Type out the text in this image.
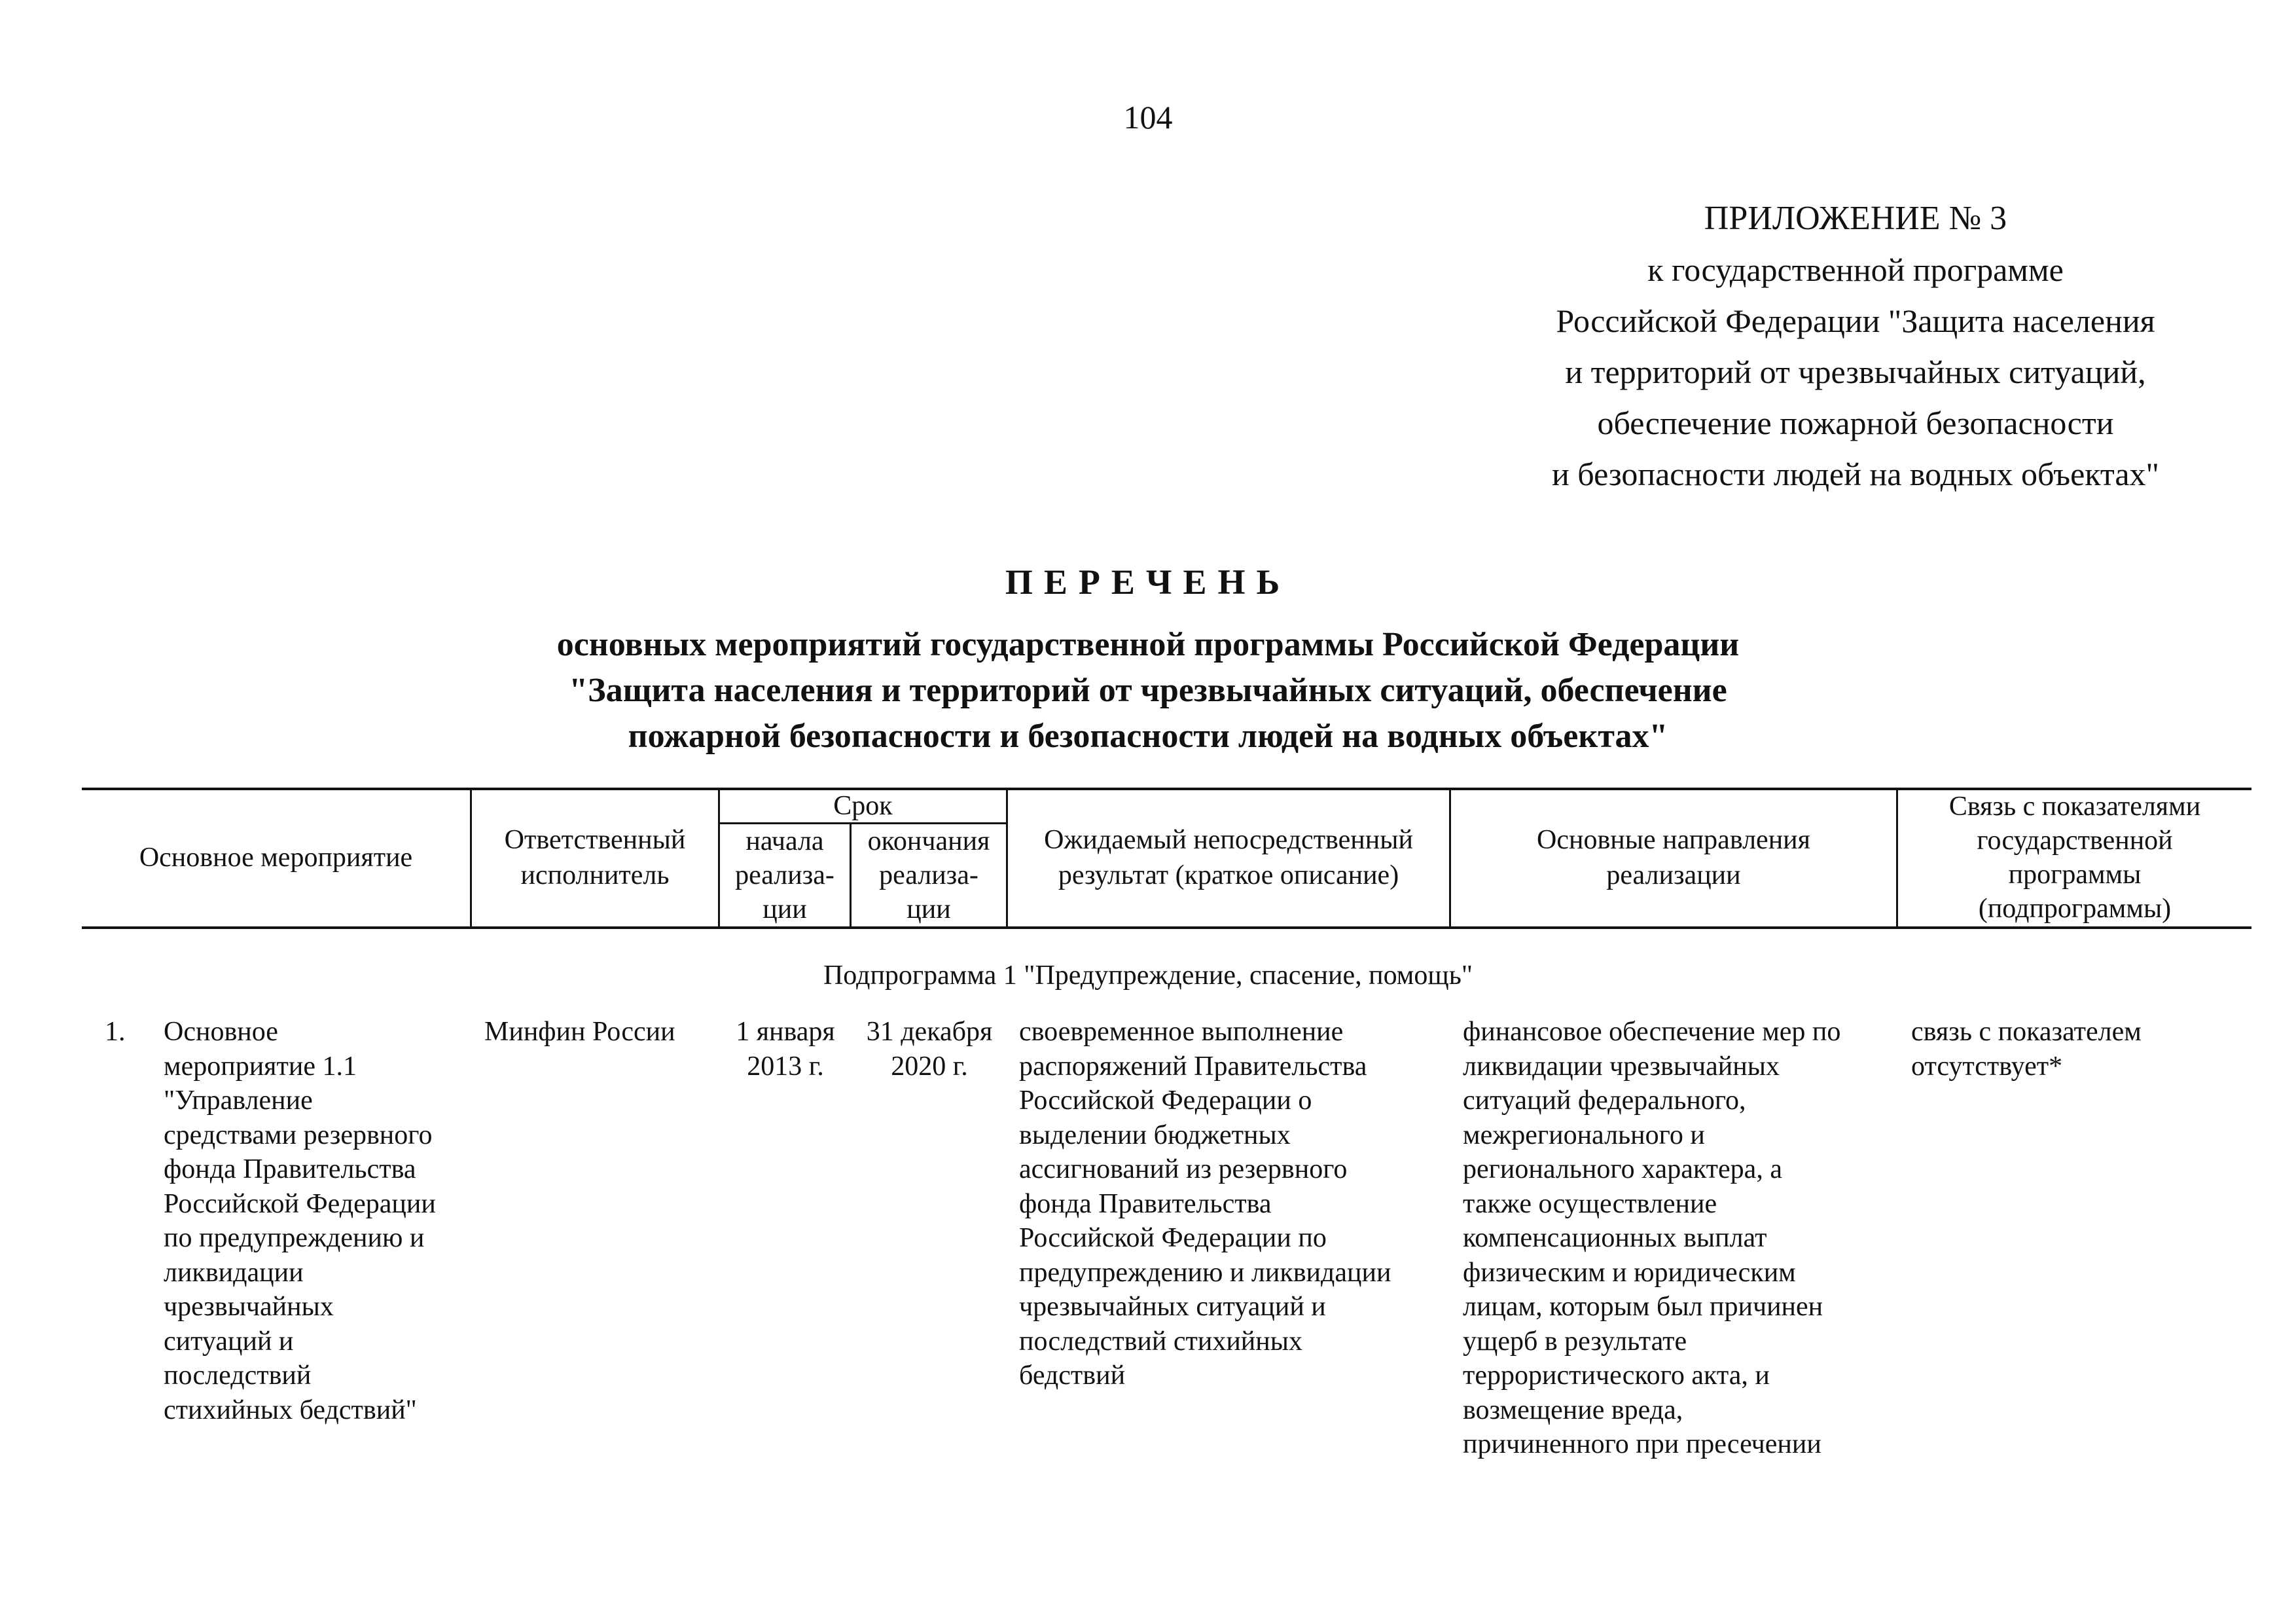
104
ПРИЛОЖЕНИЕ № 3
к государственной программе
Российской Федерации "Защита населения
и территорий от чрезвычайных ситуаций,
обеспечение пожарной безопасности
и безопасности людей на водных объектах"
ПЕРЕЧЕНЬ
основных мероприятий государственной программы Российской Федерации
"Защита населения и территорий от чрезвычайных ситуаций, обеспечение
пожарной безопасности и безопасности людей на водных объектах"
Основное мероприятие
Ответственный
исполнитель
Срок
начала
реализа-
ции
окончания
реализа-
ции
Ожидаемый непосредственный
результат (краткое описание)
Основные направления
реализации
Связь с показателями
государственной
программы
(подпрограммы)
Подпрограмма 1 "Предупреждение, спасение, помощь"
1. Основное
мероприятие 1.1
"Управление
средствами резервного
фонда Правительства
Российской Федерации
по предупреждению и
ликвидации
чрезвычайных
ситуаций и
последствий
стихийных бедствий"
Минфин России	1 января
2013 г.
31 декабря
2020 г.
своевременное выполнение
распоряжений Правительства
Российской Федерации о
выделении бюджетных
ассигнований из резервного
фонда Правительства
Российской Федерации по
предупреждению и ликвидации
чрезвычайных ситуаций и
последствий стихийных
бедствий
финансовое обеспечение мер по
ликвидации чрезвычайных
ситуаций федерального,
межрегионального и
регионального характера, а
также осуществление
компенсационных выплат
физическим и юридическим
лицам, которым был причинен
ущерб в результате
террористического акта, и
возмещение вреда,
причиненного при пресечении
связь с показателем
отсутствует*
